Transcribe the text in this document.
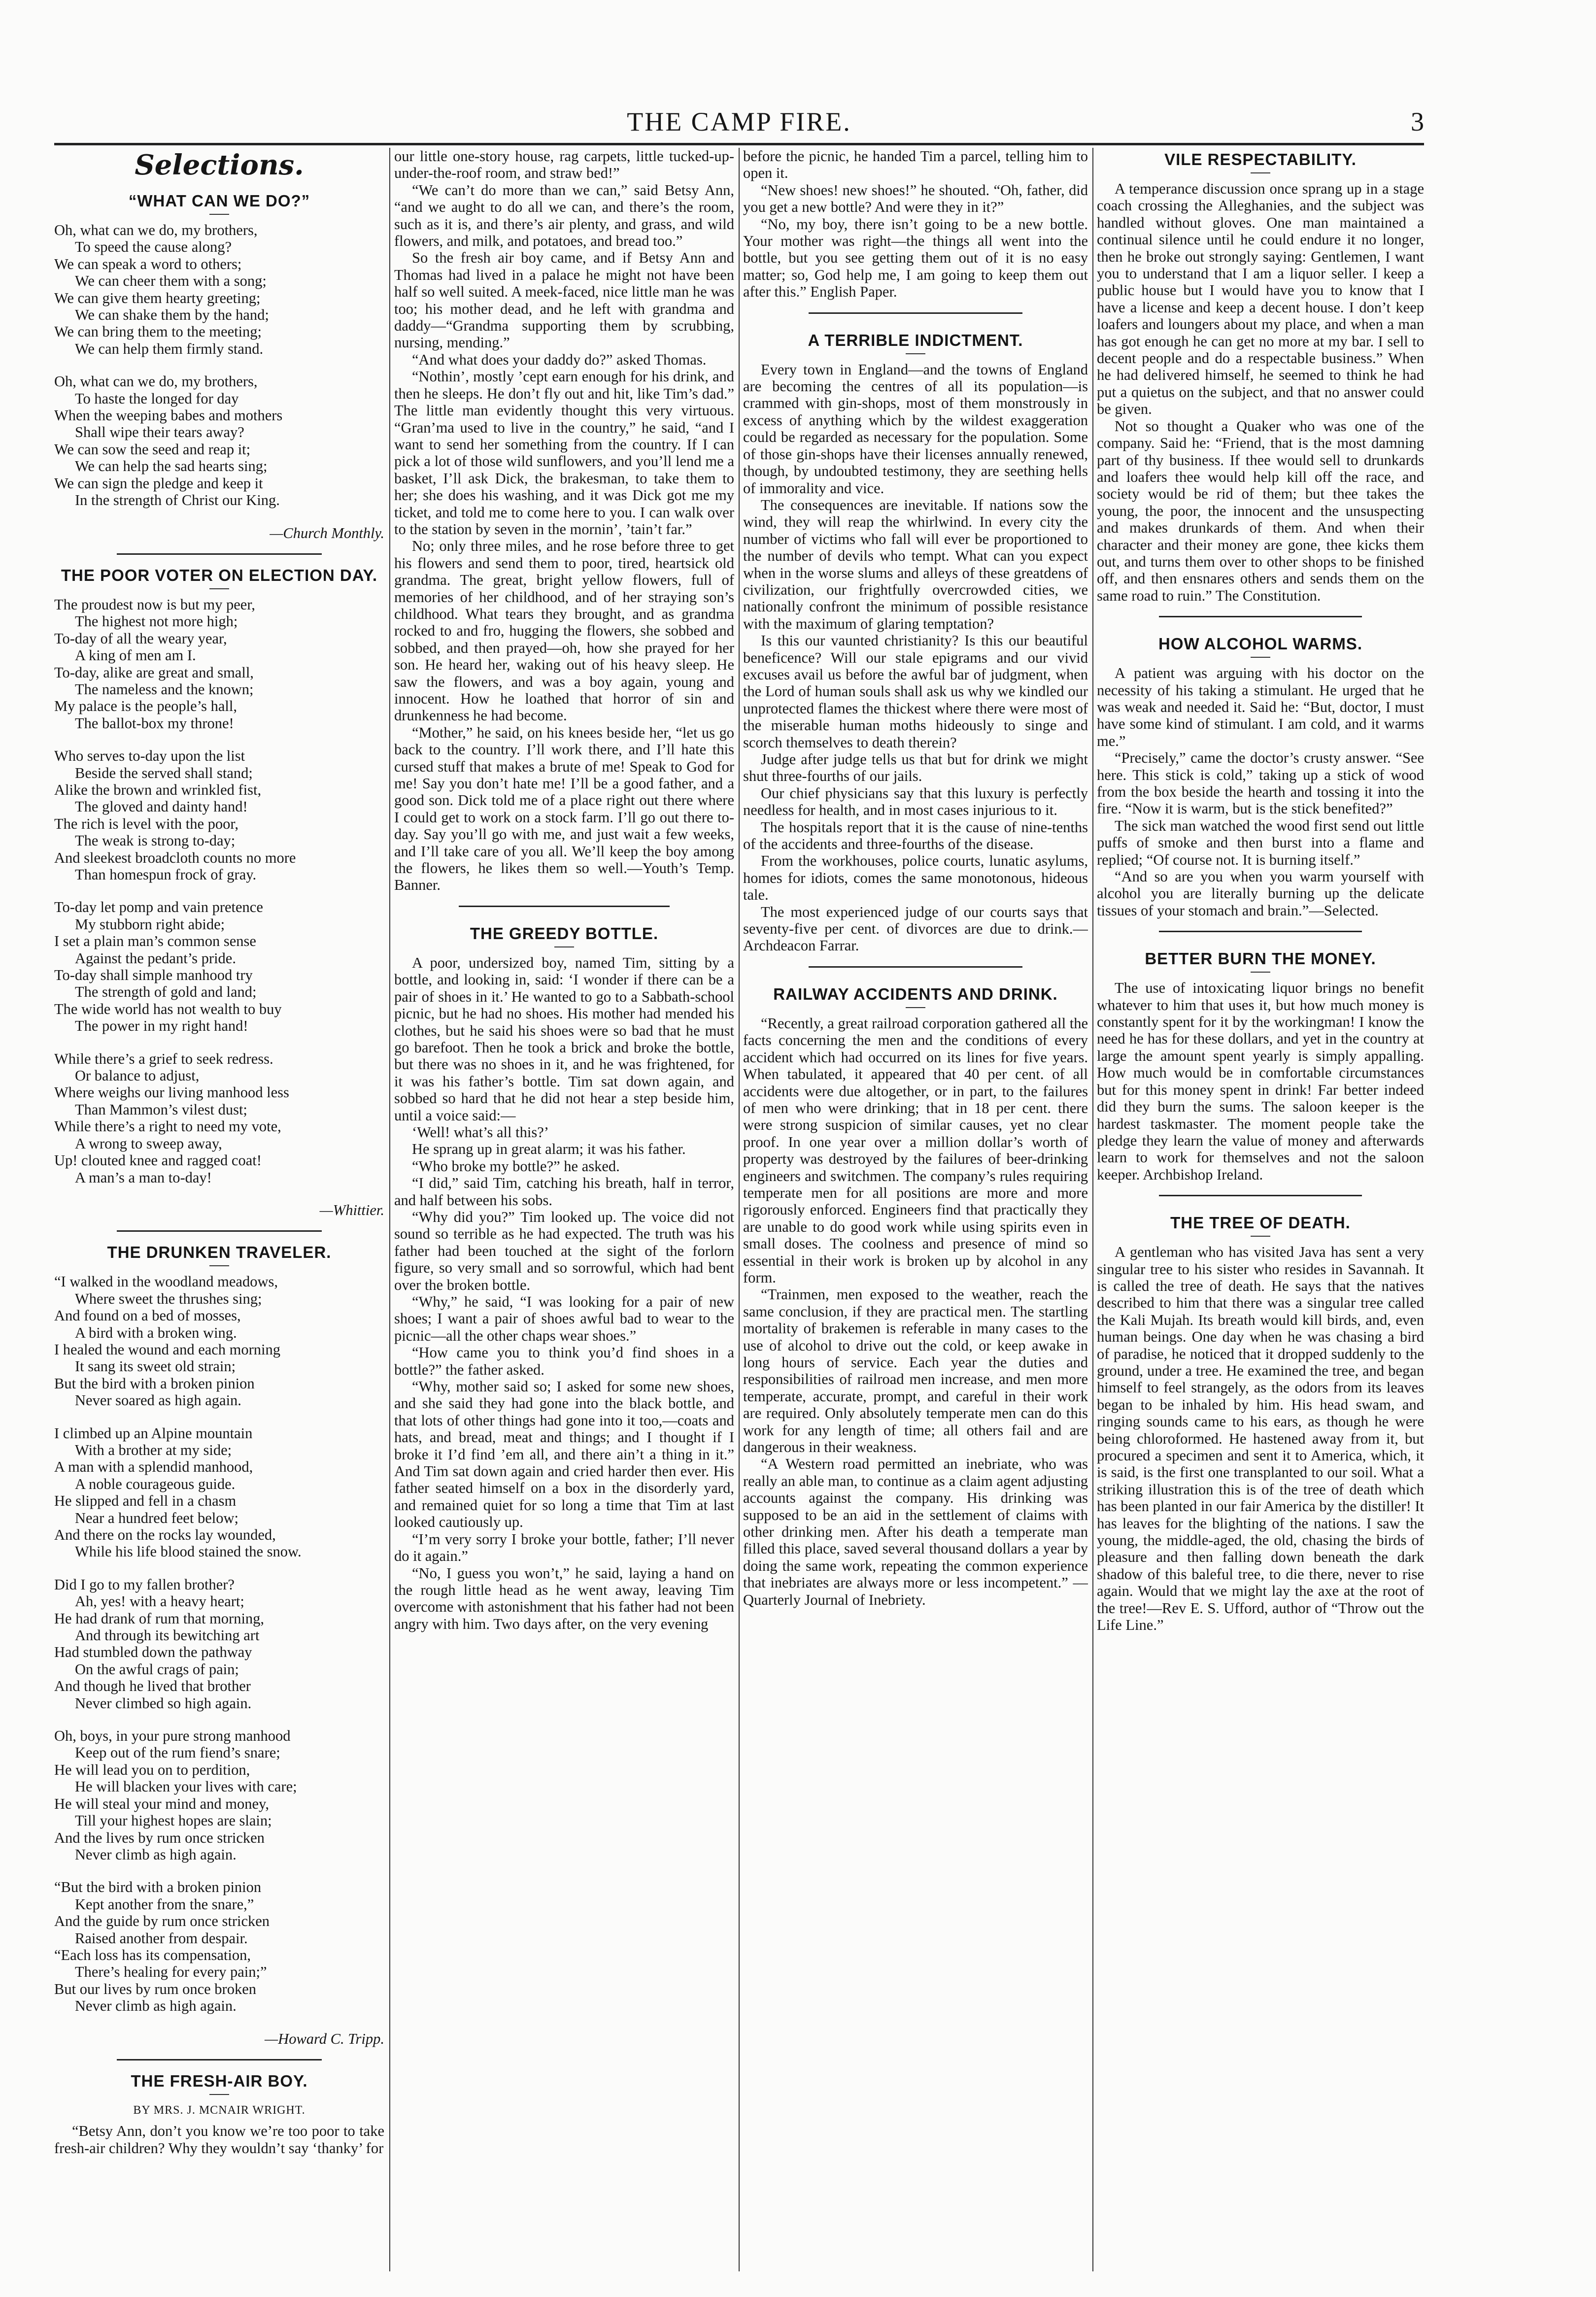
THE CAMP FIRE.	3
Selections.
“WHAT CAN WE DO?”
Oh, what can we do, my brothers,
To speed the cause along?
We can speak a word to others;
We can cheer them with a song;
We can give them hearty greeting;
We can shake them by the hand;
We can bring them to the meeting;
We can help them firmly stand.
Oh, what can we do, my brothers,
To haste the longed for day
When the weeping babes and mothers
Shall wipe their tears away?
We can sow the seed and reap it;
We can help the sad hearts sing;
We can sign the pledge and keep it
In the strength of Christ our King.
—Church Monthly.
THE POOR VOTER ON ELECTION DAY.
The proudest now is but my peer,
The highest not more high;
To-day of all the weary year,
A king of men am I.
To-day, alike are great and small,
The nameless and the known;
My palace is the people’s hall,
The ballot-box my throne!
Who serves to-day upon the list
Beside the served shall stand;
Alike the brown and wrinkled fist,
The gloved and dainty hand!
The rich is level with the poor,
The weak is strong to-day;
And sleekest broadcloth counts no more
Than homespun frock of gray.
To-day let pomp and vain pretence
My stubborn right abide;
I set a plain man’s common sense
Against the pedant’s pride.
To-day shall simple manhood try
The strength of gold and land;
The wide world has not wealth to buy
The power in my right hand!
While there’s a grief to seek redress.
Or balance to adjust,
Where weighs our living manhood less
Than Mammon’s vilest dust;
While there’s a right to need my vote,
A wrong to sweep away,
Up! clouted knee and ragged coat!
A man’s a man to-day!
—Whittier.
THE DRUNKEN TRAVELER.
“I walked in the woodland meadows,
Where sweet the thrushes sing;
And found on a bed of mosses,
A bird with a broken wing.
I healed the wound and each morning
It sang its sweet old strain;
But the bird with a broken pinion
Never soared as high again.
I climbed up an Alpine mountain
With a brother at my side;
A man with a splendid manhood,
A noble courageous guide.
He slipped and fell in a chasm
Near a hundred feet below;
And there on the rocks lay wounded,
While his life blood stained the snow.
Did I go to my fallen brother?
Ah, yes! with a heavy heart;
He had drank of rum that morning,
And through its bewitching art
Had stumbled down the pathway
On the awful crags of pain;
And though he lived that brother
Never climbed so high again.
Oh, boys, in your pure strong manhood
Keep out of the rum fiend’s snare;
He will lead you on to perdition,
He will blacken your lives with care;
He will steal your mind and money,
Till your highest hopes are slain;
And the lives by rum once stricken
Never climb as high again.
“But the bird with a broken pinion
Kept another from the snare,”
And the guide by rum once stricken
Raised another from despair.
“Each loss has its compensation,
There’s healing for every pain;”
But our lives by rum once broken
Never climb as high again.
—Howard C. Tripp.
THE FRESH-AIR BOY.
BY MRS. J. MCNAIR WRIGHT.

“Betsy Ann, don’t you know we’re too poor to take fresh-air children? Why they wouldn’t say ‘thanky’ for

our little one-story house, rag carpets, little tucked-up-under-the-roof room, and straw bed!”

“We can’t do more than we can,” said Betsy Ann, “and we aught to do all we can, and there’s the room, such as it is, and there’s air plenty, and grass, and wild flowers, and milk, and potatoes, and bread too.”

So the fresh air boy came, and if Betsy Ann and Thomas had lived in a palace he might not have been half so well suited. A meek-faced, nice little man he was too; his mother dead, and he left with grandma and daddy—“Grandma supporting them by scrubbing, nursing, mending.”

“And what does your daddy do?” asked Thomas.

“Nothin’, mostly ’cept earn enough for his drink, and then he sleeps. He don’t fly out and hit, like Tim’s dad.” The little man evidently thought this very virtuous. “Gran’ma used to live in the country,” he said, “and I want to send her something from the country. If I can pick a lot of those wild sunflowers, and you’ll lend me a basket, I’ll ask Dick, the brakesman, to take them to her; she does his washing, and it was Dick got me my ticket, and told me to come here to you. I can walk over to the station by seven in the mornin’, ’tain’t far.”

No; only three miles, and he rose before three to get his flowers and send them to poor, tired, heartsick old grandma. The great, bright yellow flowers, full of memories of her childhood, and of her straying son’s childhood. What tears they brought, and as grandma rocked to and fro, hugging the flowers, she sobbed and sobbed, and then prayed—oh, how she prayed for her son. He heard her, waking out of his heavy sleep. He saw the flowers, and was a boy again, young and innocent. How he loathed that horror of sin and drunkenness he had become.

“Mother,” he said, on his knees beside her, “let us go back to the country. I’ll work there, and I’ll hate this cursed stuff that makes a brute of me! Speak to God for me! Say you don’t hate me! I’ll be a good father, and a good son. Dick told me of a place right out there where I could get to work on a stock farm. I’ll go out there to-day. Say you’ll go with me, and just wait a few weeks, and I’ll take care of you all. We’ll keep the boy among the flowers, he likes them so well.—Youth’s Temp. Banner.

THE GREEDY BOTTLE.

A poor, undersized boy, named Tim, sitting by a bottle, and looking in, said: ‘I wonder if there can be a pair of shoes in it.’ He wanted to go to a Sabbath-school picnic, but he had no shoes. His mother had mended his clothes, but he said his shoes were so bad that he must go barefoot. Then he took a brick and broke the bottle, but there was no shoes in it, and he was frightened, for it was his father’s bottle. Tim sat down again, and sobbed so hard that he did not hear a step beside him, until a voice said:—

‘Well! what’s all this?’

He sprang up in great alarm; it was his father.

“Who broke my bottle?” he asked.

“I did,” said Tim, catching his breath, half in terror, and half between his sobs.

“Why did you?” Tim looked up. The voice did not sound so terrible as he had expected. The truth was his father had been touched at the sight of the forlorn figure, so very small and so sorrowful, which had bent over the broken bottle.

“Why,” he said, “I was looking for a pair of new shoes; I want a pair of shoes awful bad to wear to the picnic—all the other chaps wear shoes.”

“How came you to think you’d find shoes in a bottle?” the father asked.

“Why, mother said so; I asked for some new shoes, and she said they had gone into the black bottle, and that lots of other things had gone into it too,—coats and hats, and bread, meat and things; and I thought if I broke it I’d find ’em all, and there ain’t a thing in it.” And Tim sat down again and cried harder then ever. His father seated himself on a box in the disorderly yard, and remained quiet for so long a time that Tim at last looked cautiously up.

“I’m very sorry I broke your bottle, father; I’ll never do it again.”

“No, I guess you won’t,” he said, laying a hand on the rough little head as he went away, leaving Tim overcome with astonishment that his father had not been angry with him. Two days after, on the very evening

before the picnic, he handed Tim a parcel, telling him to open it.

“New shoes! new shoes!” he shouted. “Oh, father, did you get a new bottle? And were they in it?”

“No, my boy, there isn’t going to be a new bottle. Your mother was right—the things all went into the bottle, but you see getting them out of it is no easy matter; so, God help me, I am going to keep them out after this.” English Paper.

A TERRIBLE INDICTMENT.

Every town in England—and the towns of England are becoming the centres of all its population—is crammed with gin-shops, most of them monstrously in excess of anything which by the wildest exaggeration could be regarded as necessary for the population. Some of those gin-shops have their licenses annually renewed, though, by undoubted testimony, they are seething hells of immorality and vice.

The consequences are inevitable. If nations sow the wind, they will reap the whirlwind. In every city the number of victims who fall will ever be proportioned to the number of devils who tempt. What can you expect when in the worse slums and alleys of these greatdens of civilization, our frightfully overcrowded cities, we nationally confront the minimum of possible resistance with the maximum of glaring temptation?

Is this our vaunted christianity? Is this our beautiful beneficence? Will our stale epigrams and our vivid excuses avail us before the awful bar of judgment, when the Lord of human souls shall ask us why we kindled our unprotected flames the thickest where there were most of the miserable human moths hideously to singe and scorch themselves to death therein?

Judge after judge tells us that but for drink we might shut three-fourths of our jails.

Our chief physicians say that this luxury is perfectly needless for health, and in most cases injurious to it.

The hospitals report that it is the cause of nine-tenths of the accidents and three-fourths of the disease.

From the workhouses, police courts, lunatic asylums, homes for idiots, comes the same monotonous, hideous tale.

The most experienced judge of our courts says that seventy-five per cent. of divorces are due to drink.—Archdeacon Farrar.

RAILWAY ACCIDENTS AND DRINK.

“Recently, a great railroad corporation gathered all the facts concerning the men and the conditions of every accident which had occurred on its lines for five years. When tabulated, it appeared that 40 per cent. of all accidents were due altogether, or in part, to the failures of men who were drinking; that in 18 per cent. there were strong suspicion of similar causes, yet no clear proof. In one year over a million dollar’s worth of property was destroyed by the failures of beer-drinking engineers and switchmen. The company’s rules requiring temperate men for all positions are more and more rigorously enforced. Engineers find that practically they are unable to do good work while using spirits even in small doses. The coolness and presence of mind so essential in their work is broken up by alcohol in any form.

“Trainmen, men exposed to the weather, reach the same conclusion, if they are practical men. The startling mortality of brakemen is referable in many cases to the use of alcohol to drive out the cold, or keep awake in long hours of service. Each year the duties and responsibilities of railroad men increase, and men more temperate, accurate, prompt, and careful in their work are required. Only absolutely temperate men can do this work for any length of time; all others fail and are dangerous in their weakness.

“A Western road permitted an inebriate, who was really an able man, to continue as a claim agent adjusting accounts against the company. His drinking was supposed to be an aid in the settlement of claims with other drinking men. After his death a temperate man filled this place, saved several thousand dollars a year by doing the same work, repeating the common experience that inebriates are always more or less incompetent.” —Quarterly Journal of Inebriety.

VILE RESPECTABILITY.

A temperance discussion once sprang up in a stage coach crossing the Alleghanies, and the subject was handled without gloves. One man maintained a continual silence until he could endure it no longer, then he broke out strongly saying: Gentlemen, I want you to understand that I am a liquor seller. I keep a public house but I would have you to know that I have a license and keep a decent house. I don’t keep loafers and loungers about my place, and when a man has got enough he can get no more at my bar. I sell to decent people and do a respectable business.” When he had delivered himself, he seemed to think he had put a quietus on the subject, and that no answer could be given.

Not so thought a Quaker who was one of the company. Said he: “Friend, that is the most damning part of thy business. If thee would sell to drunkards and loafers thee would help kill off the race, and society would be rid of them; but thee takes the young, the poor, the innocent and the unsuspecting and makes drunkards of them. And when their character and their money are gone, thee kicks them out, and turns them over to other shops to be finished off, and then ensnares others and sends them on the same road to ruin.” The Constitution.

HOW ALCOHOL WARMS.

A patient was arguing with his doctor on the necessity of his taking a stimulant. He urged that he was weak and needed it. Said he: “But, doctor, I must have some kind of stimulant. I am cold, and it warms me.”

“Precisely,” came the doctor’s crusty answer. “See here. This stick is cold,” taking up a stick of wood from the box beside the hearth and tossing it into the fire. “Now it is warm, but is the stick benefited?”

The sick man watched the wood first send out little puffs of smoke and then burst into a flame and replied; “Of course not. It is burning itself.”

“And so are you when you warm yourself with alcohol you are literally burning up the delicate tissues of your stomach and brain.”—Selected.

BETTER BURN THE MONEY.

The use of intoxicating liquor brings no benefit whatever to him that uses it, but how much money is constantly spent for it by the workingman! I know the need he has for these dollars, and yet in the country at large the amount spent yearly is simply appalling. How much would be in comfortable circumstances but for this money spent in drink! Far better indeed did they burn the sums. The saloon keeper is the hardest taskmaster. The moment people take the pledge they learn the value of money and afterwards learn to work for themselves and not the saloon keeper. Archbishop Ireland.

THE TREE OF DEATH.

A gentleman who has visited Java has sent a very singular tree to his sister who resides in Savannah. It is called the tree of death. He says that the natives described to him that there was a singular tree called the Kali Mujah. Its breath would kill birds, and, even human beings. One day when he was chasing a bird of paradise, he noticed that it dropped suddenly to the ground, under a tree. He examined the tree, and began himself to feel strangely, as the odors from its leaves began to be inhaled by him. His head swam, and ringing sounds came to his ears, as though he were being chloroformed. He hastened away from it, but procured a specimen and sent it to America, which, it is said, is the first one transplanted to our soil. What a striking illustration this is of the tree of death which has been planted in our fair America by the distiller! It has leaves for the blighting of the nations. I saw the young, the middle-aged, the old, chasing the birds of pleasure and then falling down beneath the dark shadow of this baleful tree, to die there, never to rise again. Would that we might lay the axe at the root of the tree!—Rev E. S. Ufford, author of “Throw out the Life Line.”
